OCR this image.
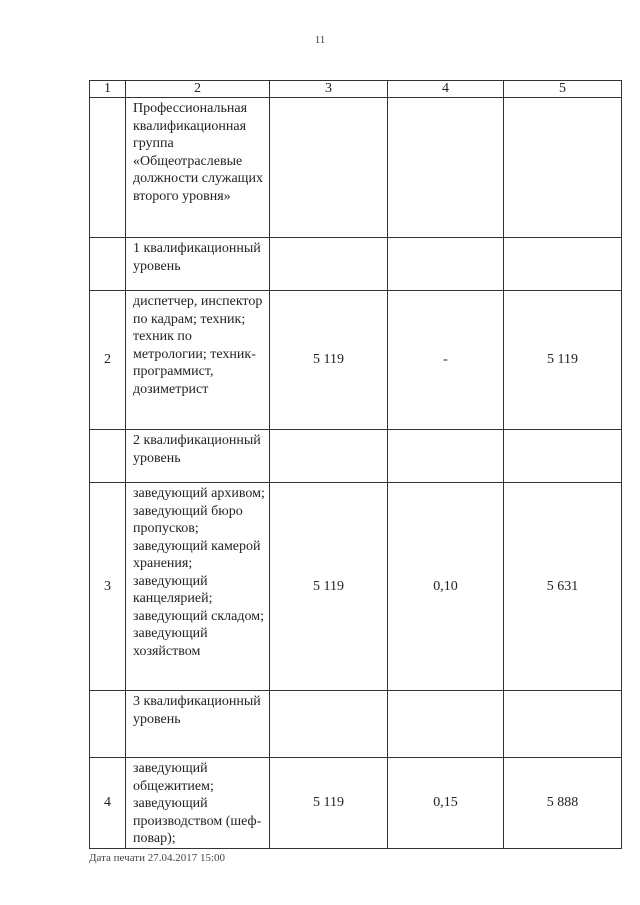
11
1	2	3	4	5
	Профессиональная квалификационная группа «Общеотраслевые должности служащих второго уровня»			
	1 квалификационный уровень			
2	диспетчер, инспектор по кадрам; техник; техник по метрологии; техник-программист, дозиметрист	5 119	-	5 119
	2 квалификационный уровень			
3	заведующий архивом; заведующий бюро пропусков; заведующий камерой хранения; заведующий канцелярией; заведующий складом; заведующий хозяйством	5 119	0,10	5 631
	3 квалификационный уровень			
4	заведующий общежитием; заведующий производством (шеф-повар);	5 119	0,15	5 888
Дата печати 27.04.2017 15:00
